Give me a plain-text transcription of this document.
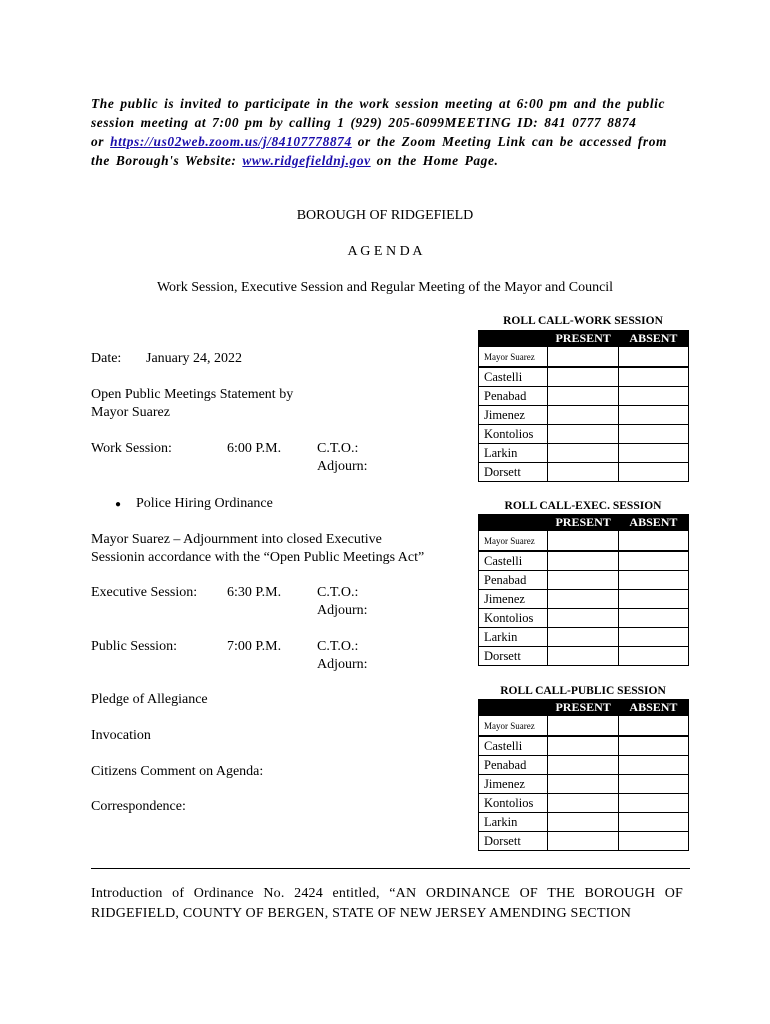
The public is invited to participate in the work session meeting at 6:00 pm and the public session meeting at 7:00 pm by calling 1 (929) 205-6099MEETING ID: 841 0777 8874
or https://us02web.zoom.us/j/84107778874 or the Zoom Meeting Link can be accessed from the Borough's Website: www.ridgefieldnj.gov on the Home Page.
BOROUGH OF RIDGEFIELD
A G E N D A
Work Session, Executive Session and Regular Meeting of the Mayor and Council
Date: January 24, 2022
Open Public Meetings Statement by
Mayor Suarez
Work Session:	6:00 P.M.	C.T.O.:
Adjourn:
● Police Hiring Ordinance
Mayor Suarez – Adjournment into closed Executive
Sessionin accordance with the “Open Public Meetings Act”
Executive Session: 6:30 P.M.	C.T.O.:
Adjourn:
Public Session:	7:00 P.M.	C.T.O.:
Adjourn:
Pledge of Allegiance
Invocation
Citizens Comment on Agenda:
Correspondence:
ROLL CALL-WORK SESSION
	PRESENT	ABSENT
Mayor Suarez		
Castelli		
Penabad		
Jimenez		
Kontolios		
Larkin		
Dorsett		
ROLL CALL-EXEC. SESSION
	PRESENT	ABSENT
Mayor Suarez		
Castelli		
Penabad		
Jimenez		
Kontolios		
Larkin		
Dorsett		
ROLL CALL-PUBLIC SESSION
	PRESENT	ABSENT
Mayor Suarez		
Castelli		
Penabad		
Jimenez		
Kontolios		
Larkin		
Dorsett		
Introduction of Ordinance No. 2424 entitled, “AN ORDINANCE OF THE BOROUGH OF RIDGEFIELD, COUNTY OF BERGEN, STATE OF NEW JERSEY AMENDING SECTION
